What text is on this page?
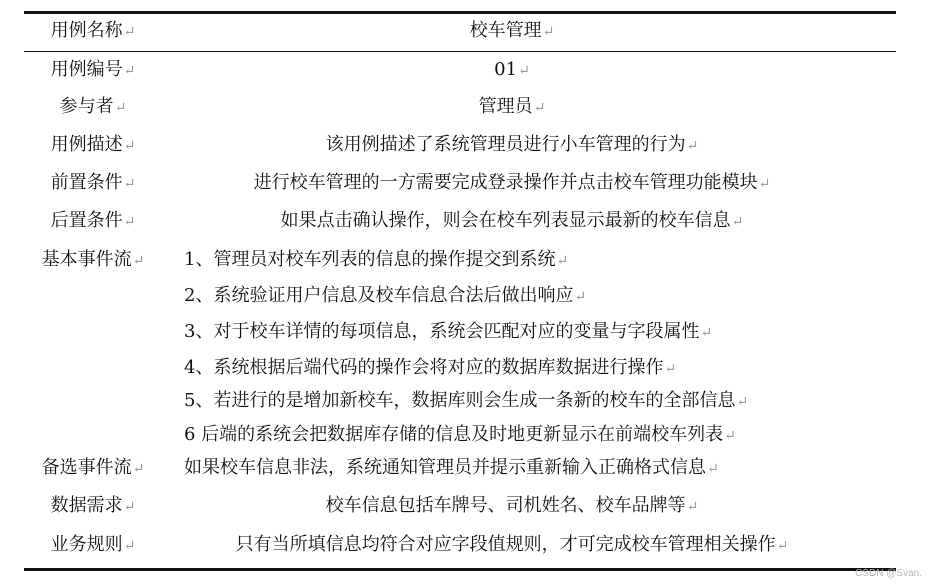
用例名称↵	校车管理↵
用例编号↵	01↵
参与者↵	管理员↵
用例描述↵	该用例描述了系统管理员进行小车管理的行为↵
前置条件↵	进行校车管理的一方需要完成登录操作并点击校车管理功能模块↵
后置条件↵	如果点击确认操作，则会在校车列表显示最新的校车信息↵
基本事件流↵	1、管理员对校车列表的信息的操作提交到系统↵
2、系统验证用户信息及校车信息合法后做出响应↵
3、对于校车详情的每项信息，系统会匹配对应的变量与字段属性↵
4、系统根据后端代码的操作会将对应的数据库数据进行操作↵
5、若进行的是增加新校车，数据库则会生成一条新的校车的全部信息↵
6 后端的系统会把数据库存储的信息及时地更新显示在前端校车列表↵
备选事件流↵	如果校车信息非法，系统通知管理员并提示重新输入正确格式信息↵
数据需求↵	校车信息包括车牌号、司机姓名、校车品牌等↵
业务规则↵	只有当所填信息均符合对应字段值规则，才可完成校车管理相关操作↵
CSDN @Svan.
